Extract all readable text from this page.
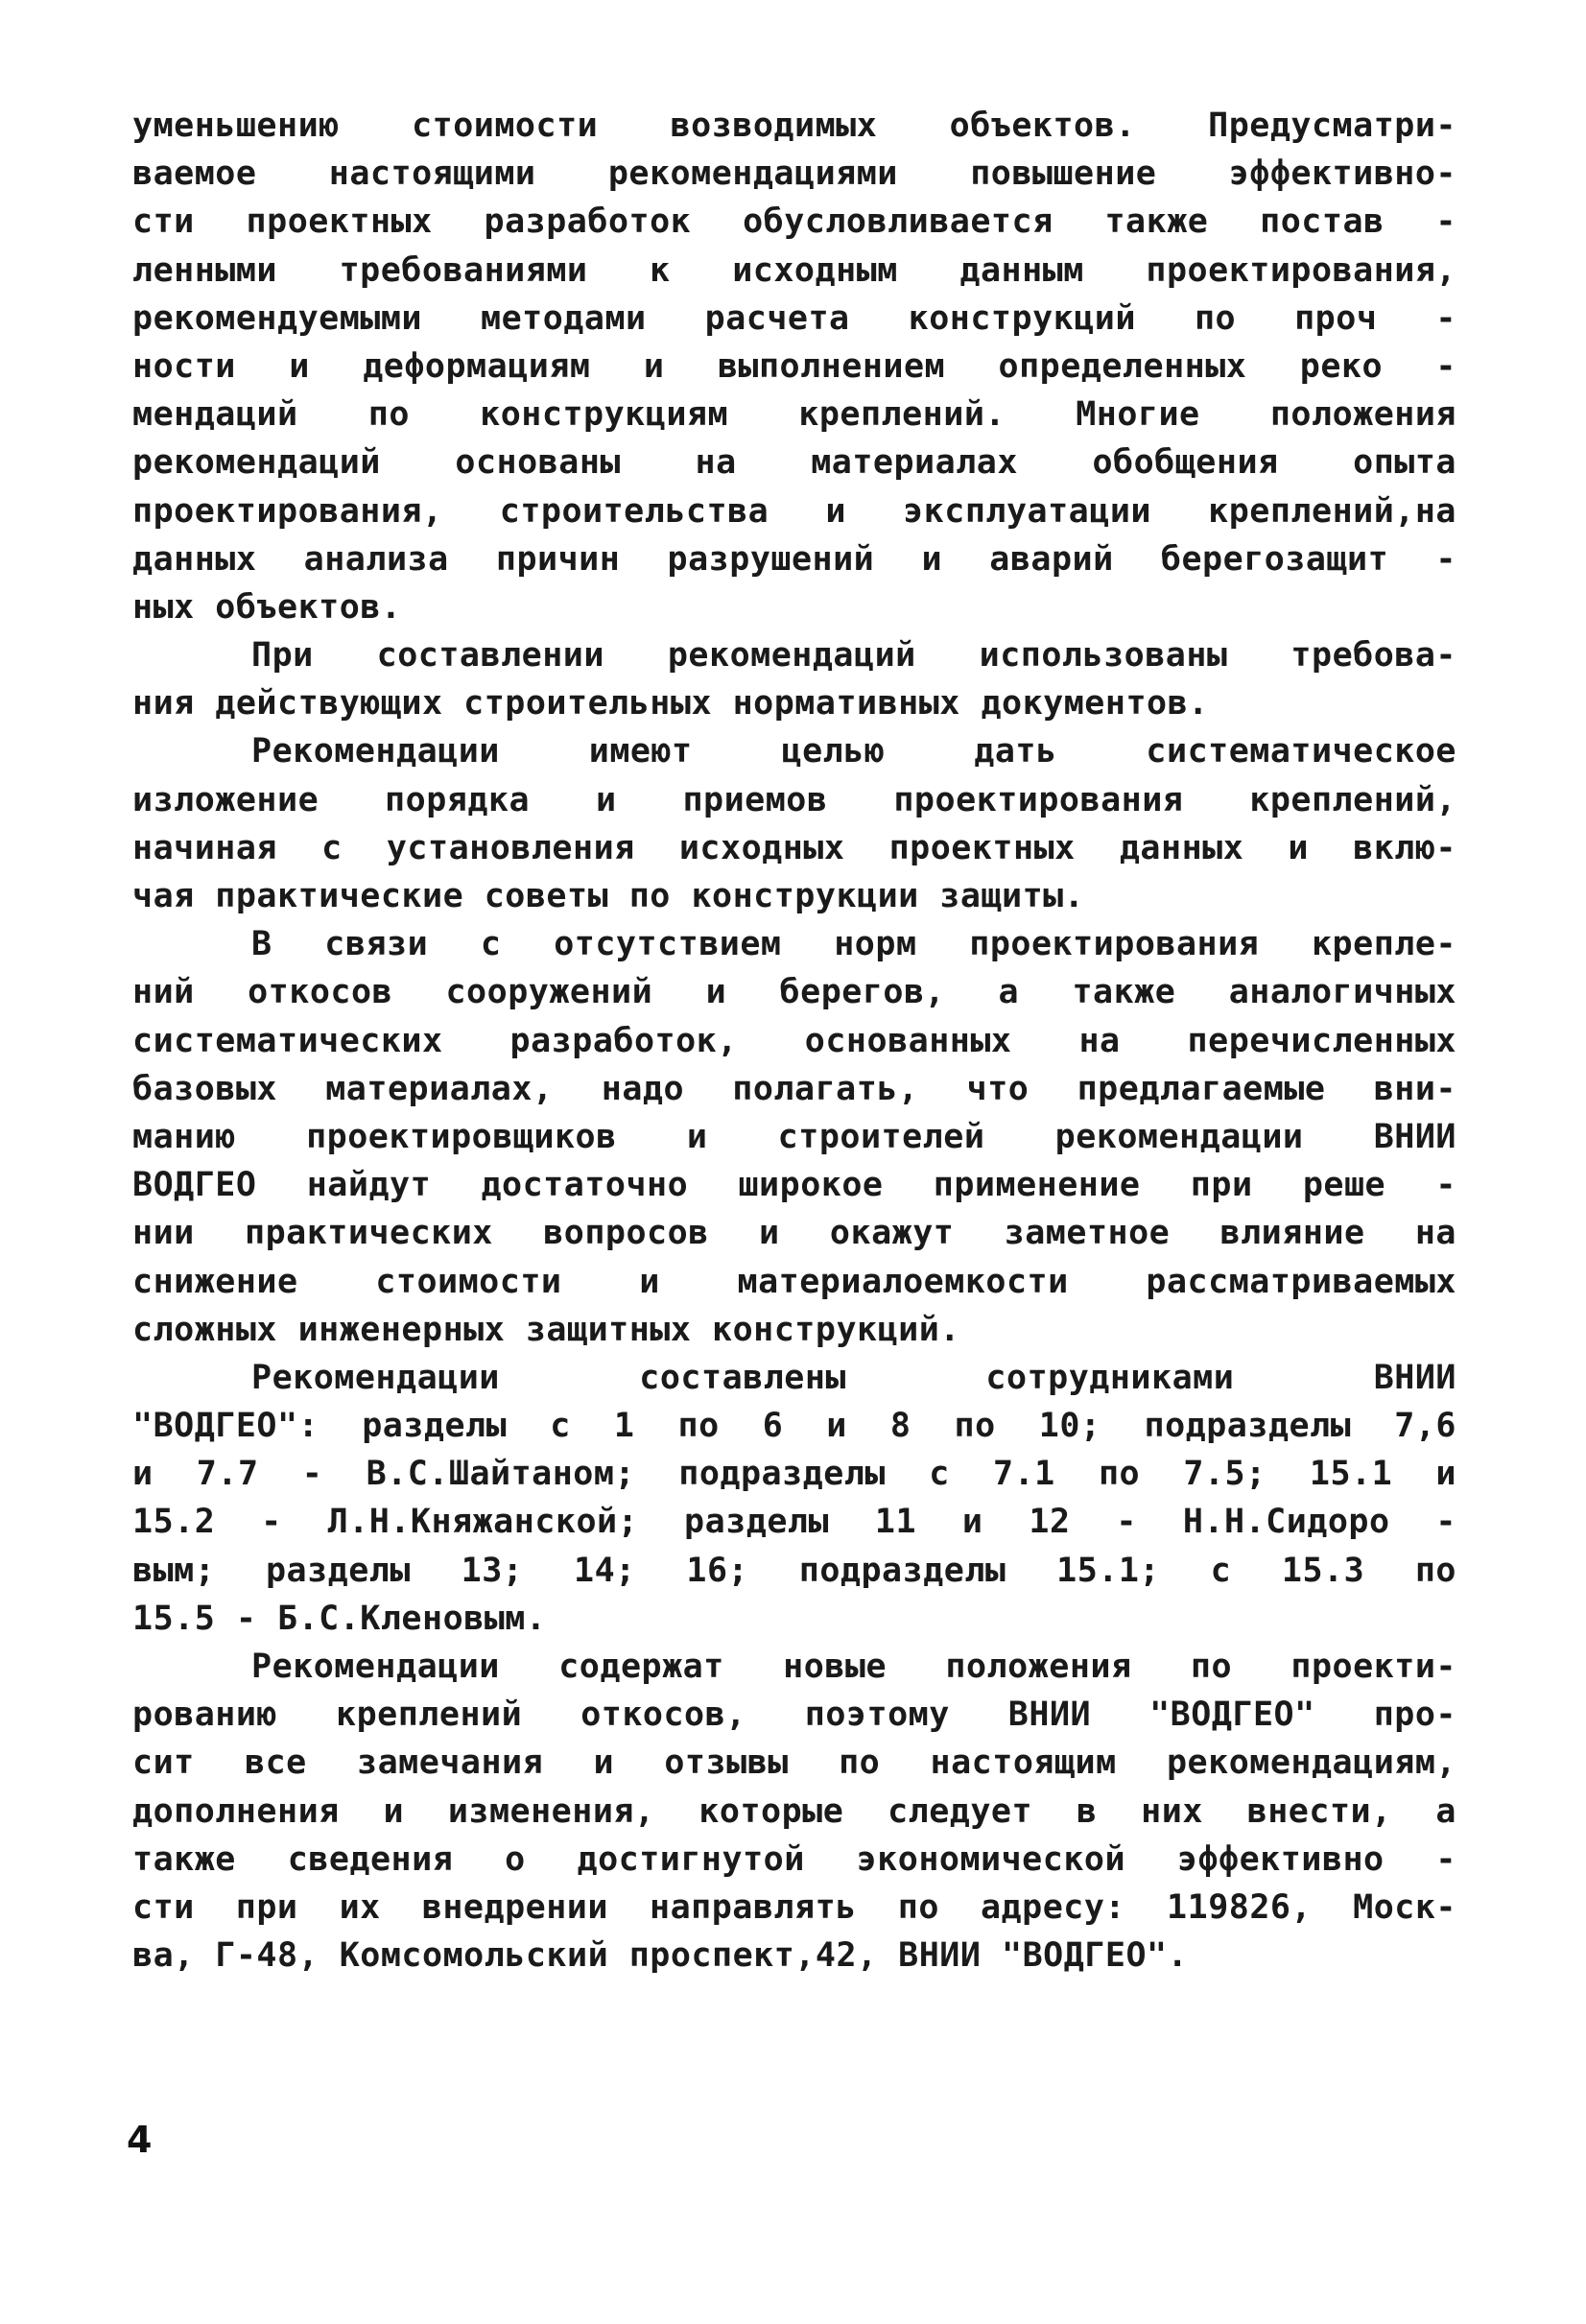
уменьшению стоимости возводимых объектов. Предусматри-
ваемое настоящими рекомендациями повышение эффективно-
сти проектных разработок обусловливается также постав -
ленными требованиями к исходным данным проектирования,
рекомендуемыми методами расчета конструкций по проч -
ности и деформациям и выполнением определенных реко -
мендаций по конструкциям креплений. Многие положения
рекомендаций основаны на материалах обобщения опыта
проектирования, строительства и эксплуатации креплений,на
данных анализа причин разрушений и аварий берегозащит -
ных объектов.
При составлении рекомендаций использованы требова-
ния действующих строительных нормативных документов.
Рекомендации имеют целью дать систематическое
изложение порядка и приемов проектирования креплений,
начиная с установления исходных проектных данных и вклю-
чая практические советы по конструкции защиты.
В связи с отсутствием норм проектирования крепле-
ний откосов сооружений и берегов, а также аналогичных
систематических разработок, основанных на перечисленных
базовых материалах, надо полагать, что предлагаемые вни-
манию проектировщиков и строителей рекомендации ВНИИ
ВОДГЕО найдут достаточно широкое применение при реше -
нии практических вопросов и окажут заметное влияние на
снижение стоимости и материалоемкости рассматриваемых
сложных инженерных защитных конструкций.
Рекомендации составлены сотрудниками ВНИИ
"ВОДГЕО": разделы с 1 по 6 и 8 по 10; подразделы 7,6
и 7.7 - В.С.Шайтаном; подразделы с 7.1 по 7.5; 15.1 и
15.2 - Л.Н.Княжанской; разделы 11 и 12 - Н.Н.Сидоро -
вым; разделы 13; 14; 16; подразделы 15.1; с 15.3 по
15.5 - Б.С.Кленовым.
Рекомендации содержат новые положения по проекти-
рованию креплений откосов, поэтому ВНИИ "ВОДГЕО" про-
сит все замечания и отзывы по настоящим рекомендациям,
дополнения и изменения, которые следует в них внести, а
также сведения о достигнутой экономической эффективно -
сти при их внедрении направлять по адресу: 119826, Моск-
ва, Г-48, Комсомольский проспект,42, ВНИИ "ВОДГЕО".
4
